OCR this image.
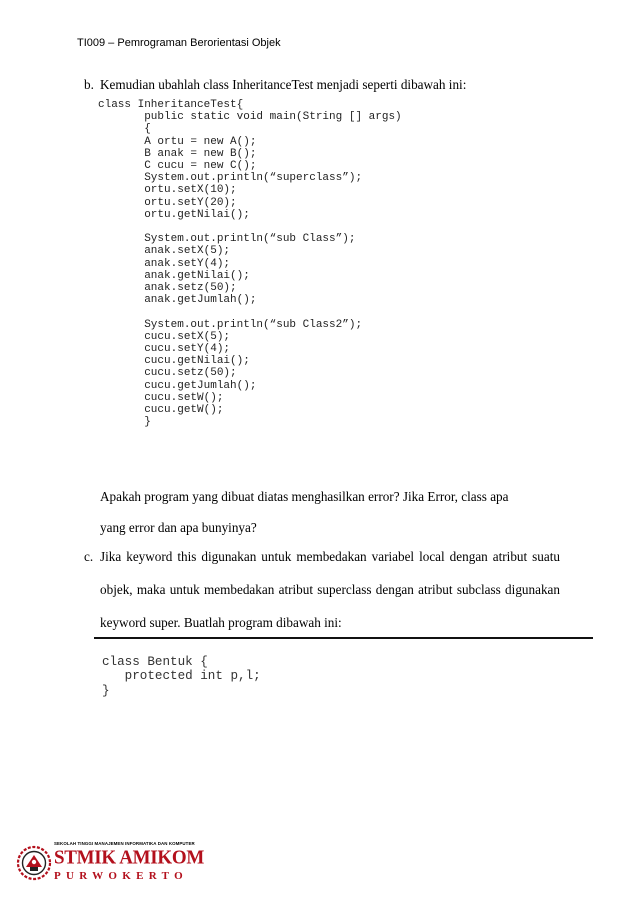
TI009 – Pemrograman Berorientasi Objek
b. Kemudian ubahlah class InheritanceTest menjadi seperti dibawah ini:
class InheritanceTest{
public static void main(String [] args)
{
A ortu = new A();
B anak = new B();
C cucu = new C();
System.out.println(“superclass”);
ortu.setX(10);
ortu.setY(20);
ortu.getNilai();

System.out.println(“sub Class”);
anak.setX(5);
anak.setY(4);
anak.getNilai();
anak.setz(50);
anak.getJumlah();

System.out.println(“sub Class2”);
cucu.setX(5);
cucu.setY(4);
cucu.getNilai();
cucu.setz(50);
cucu.getJumlah();
cucu.setW();
cucu.getW();
}
Apakah program yang dibuat diatas menghasilkan error? Jika Error, class apa
yang error dan apa bunyinya?
c. Jika keyword this digunakan untuk membedakan variabel local dengan atribut suatu
objek, maka untuk membedakan atribut superclass dengan atribut subclass digunakan
keyword super. Buatlah program dibawah ini:
class Bentuk {
protected int p,l;
}
SEKOLAH TINGGI MANAJEMEN INFORMATIKA DAN KOMPUTER
STMIK AMIKOM
PURWOKERTO
